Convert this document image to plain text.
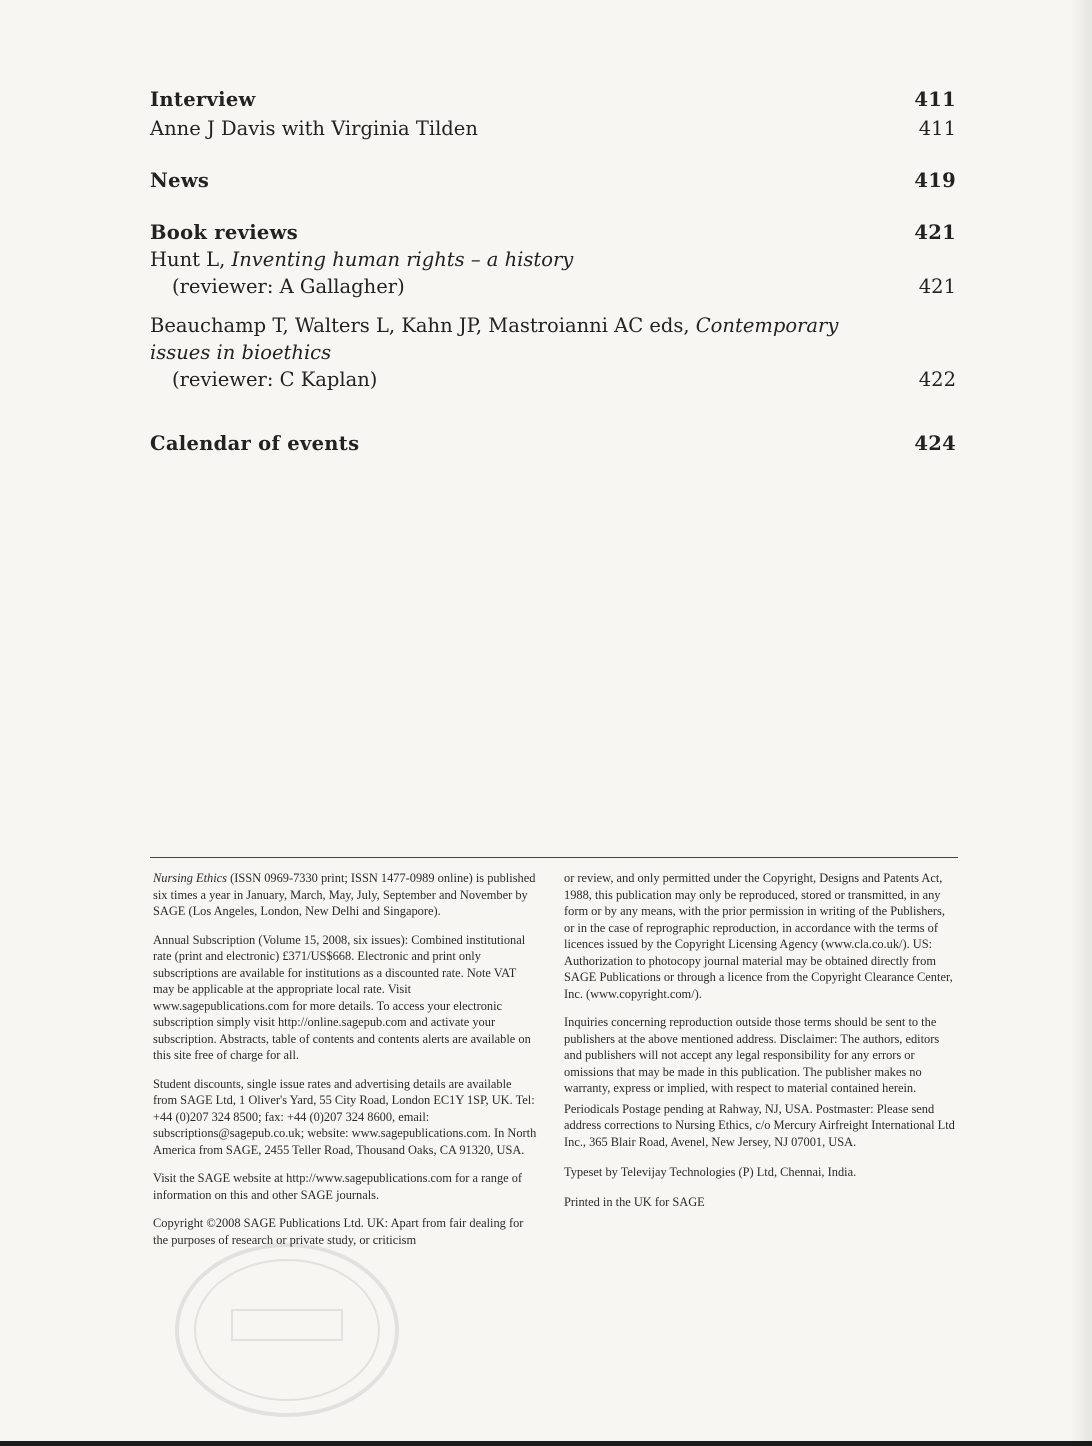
Interview	411
Anne J Davis with Virginia Tilden	411
News	419
Book reviews	421
Hunt L, Inventing human rights – a history
(reviewer: A Gallagher)	421
Beauchamp T, Walters L, Kahn JP, Mastroianni AC eds, Contemporary issues in bioethics
(reviewer: C Kaplan)	422
Calendar of events	424

Nursing Ethics (ISSN 0969-7330 print; ISSN 1477-0989 online) is published six times a year in January, March, May, July, September and November by SAGE (Los Angeles, London, New Delhi and Singapore).

Annual Subscription (Volume 15, 2008, six issues): Combined institutional rate (print and electronic) £371/US$668. Electronic and print only subscriptions are available for institutions as a discounted rate. Note VAT may be applicable at the appropriate local rate. Visit www.sagepublications.com for more details. To access your electronic subscription simply visit http://online.sagepub.com and activate your subscription. Abstracts, table of contents and contents alerts are available on this site free of charge for all.

Student discounts, single issue rates and advertising details are available from SAGE Ltd, 1 Oliver's Yard, 55 City Road, London EC1Y 1SP, UK. Tel: +44 (0)207 324 8500; fax: +44 (0)207 324 8600, email: subscriptions@sagepub.co.uk; website: www.sagepublications.com. In North America from SAGE, 2455 Teller Road, Thousand Oaks, CA 91320, USA.

Visit the SAGE website at http://www.sagepublications.com for a range of information on this and other SAGE journals.

Copyright ©2008 SAGE Publications Ltd. UK: Apart from fair dealing for the purposes of research or private study, or criticism

or review, and only permitted under the Copyright, Designs and Patents Act, 1988, this publication may only be reproduced, stored or transmitted, in any form or by any means, with the prior permission in writing of the Publishers, or in the case of reprographic reproduction, in accordance with the terms of licences issued by the Copyright Licensing Agency (www.cla.co.uk/). US: Authorization to photocopy journal material may be obtained directly from SAGE Publications or through a licence from the Copyright Clearance Center, Inc. (www.copyright.com/).

Inquiries concerning reproduction outside those terms should be sent to the publishers at the above mentioned address. Disclaimer: The authors, editors and publishers will not accept any legal responsibility for any errors or omissions that may be made in this publication. The publisher makes no warranty, express or implied, with respect to material contained herein.

Periodicals Postage pending at Rahway, NJ, USA. Postmaster: Please send address corrections to Nursing Ethics, c/o Mercury Airfreight International Ltd Inc., 365 Blair Road, Avenel, New Jersey, NJ 07001, USA.

Typeset by Televijay Technologies (P) Ltd, Chennai, India.

Printed in the UK for SAGE
